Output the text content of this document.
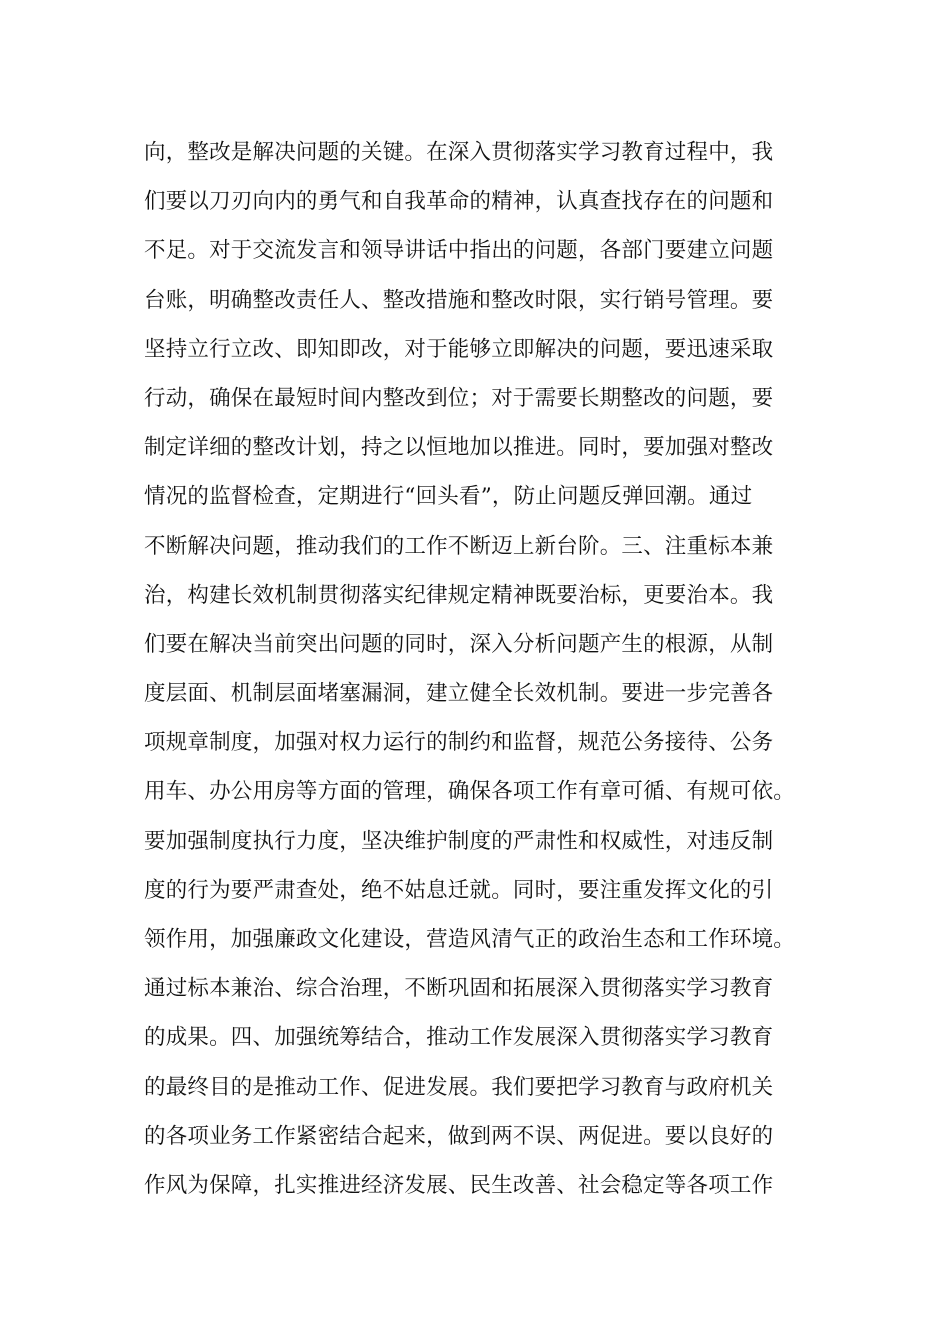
向，整改是解决问题的关键。在深入贯彻落实学习教育过程中，我
们要以刀刃向内的勇气和自我革命的精神，认真查找存在的问题和
不足。对于交流发言和领导讲话中指出的问题，各部门要建立问题
台账，明确整改责任人、整改措施和整改时限，实行销号管理。要
坚持立行立改、即知即改，对于能够立即解决的问题，要迅速采取
行动，确保在最短时间内整改到位；对于需要长期整改的问题，要
制定详细的整改计划，持之以恒地加以推进。同时，要加强对整改
情况的监督检查，定期进行“回头看”，防止问题反弹回潮。通过
不断解决问题，推动我们的工作不断迈上新台阶。三、注重标本兼
治，构建长效机制贯彻落实纪律规定精神既要治标，更要治本。我
们要在解决当前突出问题的同时，深入分析问题产生的根源，从制
度层面、机制层面堵塞漏洞，建立健全长效机制。要进一步完善各
项规章制度，加强对权力运行的制约和监督，规范公务接待、公务
用车、办公用房等方面的管理，确保各项工作有章可循、有规可依。
要加强制度执行力度，坚决维护制度的严肃性和权威性，对违反制
度的行为要严肃查处，绝不姑息迁就。同时，要注重发挥文化的引
领作用，加强廉政文化建设，营造风清气正的政治生态和工作环境。
通过标本兼治、综合治理，不断巩固和拓展深入贯彻落实学习教育
的成果。四、加强统筹结合，推动工作发展深入贯彻落实学习教育
的最终目的是推动工作、促进发展。我们要把学习教育与政府机关
的各项业务工作紧密结合起来，做到两不误、两促进。要以良好的
作风为保障，扎实推进经济发展、民生改善、社会稳定等各项工作
